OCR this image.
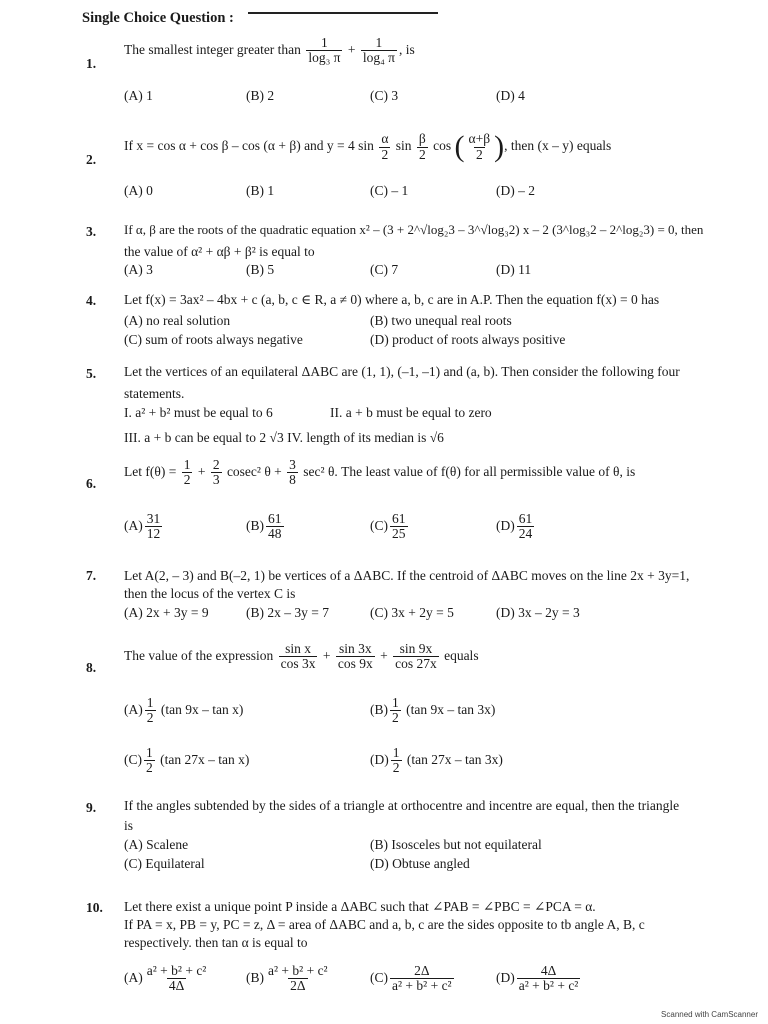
Single Choice Question :
1.
The smallest integer greater than $\frac{1}{\text{log₃ π}} + \frac{1}{\text{log₄ π}}$ , is
(A) 1	(B) 2	(C) 3	(D) 4
2.
If x = cos α + cos β – cos (α + β) and y = 4 $\sin \frac{\alpha}{2}$ $\sin \frac{\beta}{2}$ cos ( $\frac{\alpha+\beta}{2}$ ), then (x – y) equals
(A) 0	(B) 1	(C) – 1	(D) – 2
3. If α, β are the roots of the quadratic equation x² – (3 + 2^√log₂3 – 3^√log₃2) x – 2 (3^log₃2 – 2^log₂3) = 0, then
the value of α² + αβ + β² is equal to
(A) 3	(B) 5	(C) 7	(D) 11
4. Let f(x) = 3ax² – 4bx + c (a, b, c ∈ R, a ≠ 0) where a, b, c are in A.P. Then the equation f(x) = 0 has
(A) no real solution	(B) two unequal real roots
(C) sum of roots always negative	(D) product of roots always positive
5. Let the vertices of an equilateral ΔABC are (1, 1), (–1, –1) and (a, b). Then consider the following four
statements.
I. a² + b² must be equal to 6	II. a + b must be equal to zero
III. a + b can be equal to 2 √3 IV. length of its median is √6
6.
Let $f(\theta) = \frac{1}{2} + \frac{2}{3} cosec^2$ $\theta + \frac{3}{8} \sec^2$ θ. The least value of f(θ) for all permissible value of θ, is
$(A) \frac{31}{12}$	$(B) \frac{61}{48}$	$(C) \frac{61}{25}$	$(D) \frac{61}{24}$
7. Let A(2, – 3) and B(–2, 1) be vertices of a ΔABC. If the centroid of ΔABC moves on the line 2x + 3y=1,
then the locus of the vertex C is
(A) 2x + 3y = 9	(B) 2x – 3y = 7	(C) 3x + 2y = 5	(D) 3x – 2y = 3
8.
The value of the expression $\frac{\text{sin x}}{\cos 3x} + \frac{\sin 3x}{\cos 9x} + \frac{\sin 9x}{\cos 27x}$ equals
$(A) \frac{1}{2} (\tan$ 9x – tan x)	$(B) \frac{1}{2} (\tan$ 9x – tan 3x)
$(C) \frac{1}{2} (\tan$ 27x – tan x)	$(D) \frac{1}{2} (\tan$ 27x – tan 3x)
9. If the angles subtended by the sides of a triangle at orthocentre and incentre are equal, then the triangle
is
(A) Scalene	(B) Isosceles but not equilateral
(C) Equilateral	(D) Obtuse angled
10. Let there exist a unique point P inside a ΔABC such that ∠PAB = ∠PBC = ∠PCA = α.
If PA = x, PB = y, PC = z, Δ = area of ΔABC and a, b, c are the sides opposite to tb angle A, B, c
respectively. then tan α is equal to
$(A) \frac{\text{a² + b² + c²}}{4\Delta}$	$(B) \frac{\text{a² + b² + c²}}{2\Delta}$	$(C) \frac{2\Delta}{\text{a² + b² + c²}}$	$(D) \frac{4\Delta}{\text{a² + b² + c²}}$
Scanned with CamScanner
